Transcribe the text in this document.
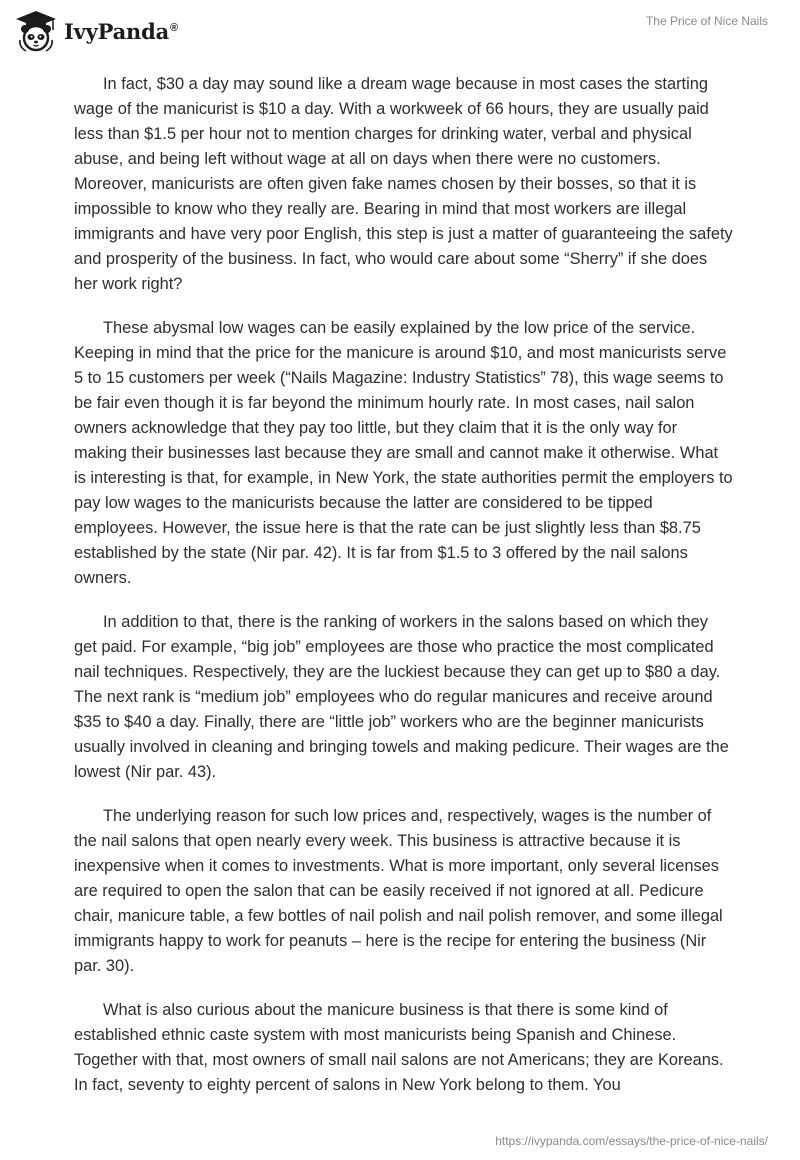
IvyPanda®	The Price of Nice Nails

In fact, $30 a day may sound like a dream wage because in most cases the starting wage of the manicurist is $10 a day. With a workweek of 66 hours, they are usually paid less than $1.5 per hour not to mention charges for drinking water, verbal and physical abuse, and being left without wage at all on days when there were no customers. Moreover, manicurists are often given fake names chosen by their bosses, so that it is impossible to know who they really are. Bearing in mind that most workers are illegal immigrants and have very poor English, this step is just a matter of guaranteeing the safety and prosperity of the business. In fact, who would care about some “Sherry” if she does her work right?

These abysmal low wages can be easily explained by the low price of the service. Keeping in mind that the price for the manicure is around $10, and most manicurists serve 5 to 15 customers per week (“Nails Magazine: Industry Statistics” 78), this wage seems to be fair even though it is far beyond the minimum hourly rate. In most cases, nail salon owners acknowledge that they pay too little, but they claim that it is the only way for making their businesses last because they are small and cannot make it otherwise. What is interesting is that, for example, in New York, the state authorities permit the employers to pay low wages to the manicurists because the latter are considered to be tipped employees. However, the issue here is that the rate can be just slightly less than $8.75 established by the state (Nir par. 42). It is far from $1.5 to 3 offered by the nail salons owners.

In addition to that, there is the ranking of workers in the salons based on which they get paid. For example, “big job” employees are those who practice the most complicated nail techniques. Respectively, they are the luckiest because they can get up to $80 a day. The next rank is “medium job” employees who do regular manicures and receive around $35 to $40 a day. Finally, there are “little job” workers who are the beginner manicurists usually involved in cleaning and bringing towels and making pedicure. Their wages are the lowest (Nir par. 43).

The underlying reason for such low prices and, respectively, wages is the number of the nail salons that open nearly every week. This business is attractive because it is inexpensive when it comes to investments. What is more important, only several licenses are required to open the salon that can be easily received if not ignored at all. Pedicure chair, manicure table, a few bottles of nail polish and nail polish remover, and some illegal immigrants happy to work for peanuts – here is the recipe for entering the business (Nir par. 30).

What is also curious about the manicure business is that there is some kind of established ethnic caste system with most manicurists being Spanish and Chinese. Together with that, most owners of small nail salons are not Americans; they are Koreans. In fact, seventy to eighty percent of salons in New York belong to them. You

https://ivypanda.com/essays/the-price-of-nice-nails/
